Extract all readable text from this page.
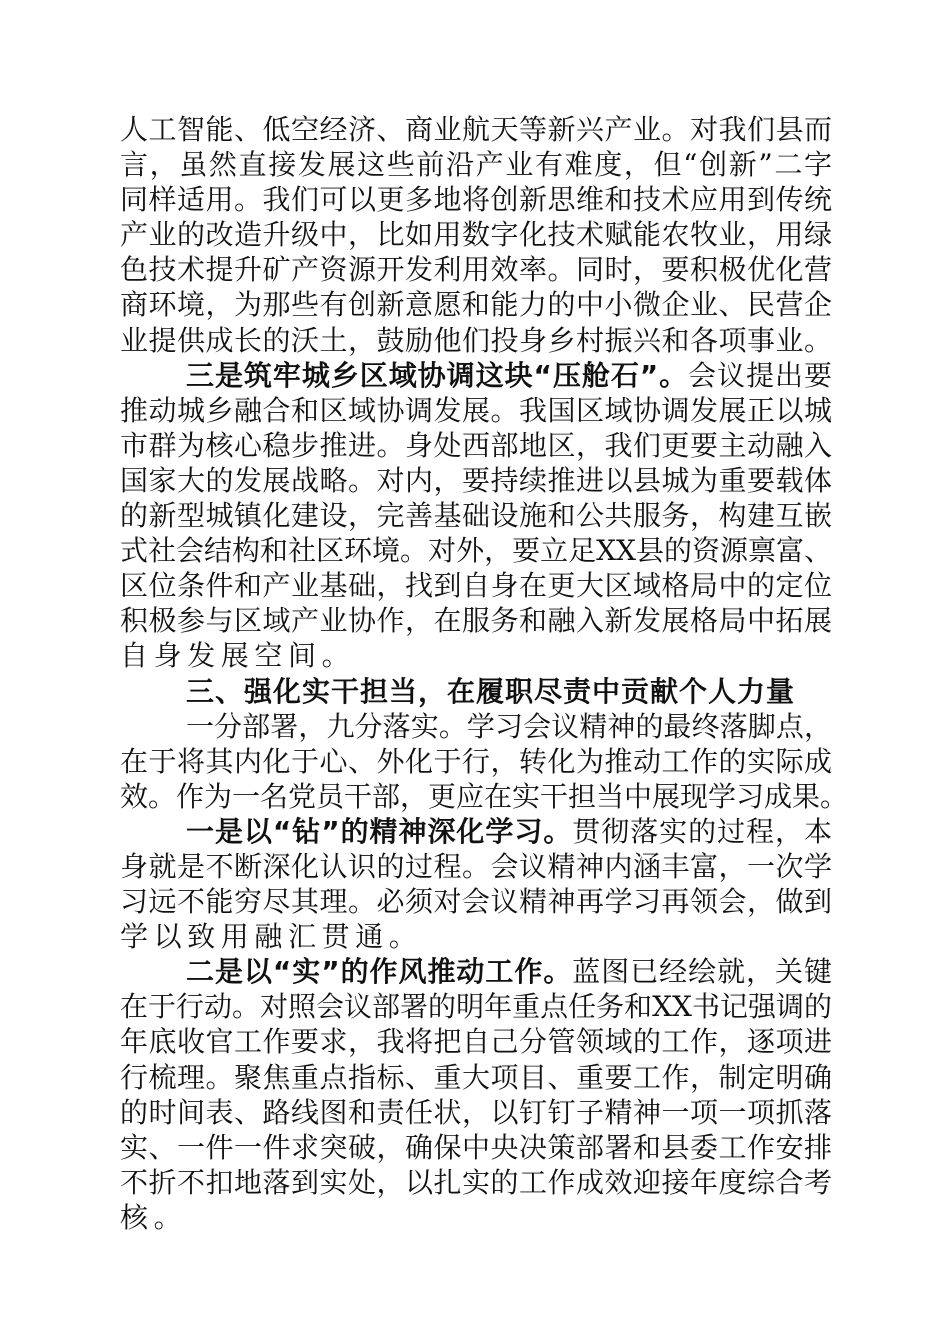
人工智能、低空经济、商业航天等新兴产业。对我们县而
言，虽然直接发展这些前沿产业有难度，但“创新”二字
同样适用。我们可以更多地将创新思维和技术应用到传统
产业的改造升级中，比如用数字化技术赋能农牧业，用绿
色技术提升矿产资源开发利用效率。同时，要积极优化营
商环境，为那些有创新意愿和能力的中小微企业、民营企
业提供成长的沃土，鼓励他们投身乡村振兴和各项事业。
三是筑牢城乡区域协调这块“压舱石”。会议提出要
推动城乡融合和区域协调发展。我国区域协调发展正以城
市群为核心稳步推进。身处西部地区，我们更要主动融入
国家大的发展战略。对内，要持续推进以县城为重要载体
的新型城镇化建设，完善基础设施和公共服务，构建互嵌
式社会结构和社区环境。对外，要立足XX县的资源禀富、
区位条件和产业基础，找到自身在更大区域格局中的定位
积极参与区域产业协作，在服务和融入新发展格局中拓展
自身发展空间。
三、强化实干担当，在履职尽责中贡献个人力量
一分部署，九分落实。学习会议精神的最终落脚点，
在于将其内化于心、外化于行，转化为推动工作的实际成
效。作为一名党员干部，更应在实干担当中展现学习成果。
一是以“钻”的精神深化学习。贯彻落实的过程，本
身就是不断深化认识的过程。会议精神内涵丰富，一次学
习远不能穷尽其理。必须对会议精神再学习再领会，做到
学以致用融汇贯通。
二是以“实”的作风推动工作。蓝图已经绘就，关键
在于行动。对照会议部署的明年重点任务和XX书记强调的
年底收官工作要求，我将把自己分管领域的工作，逐项进
行梳理。聚焦重点指标、重大项目、重要工作，制定明确
的时间表、路线图和责任状，以钉钉子精神一项一项抓落
实、一件一件求突破，确保中央决策部署和县委工作安排
不折不扣地落到实处，以扎实的工作成效迎接年度综合考
核。
